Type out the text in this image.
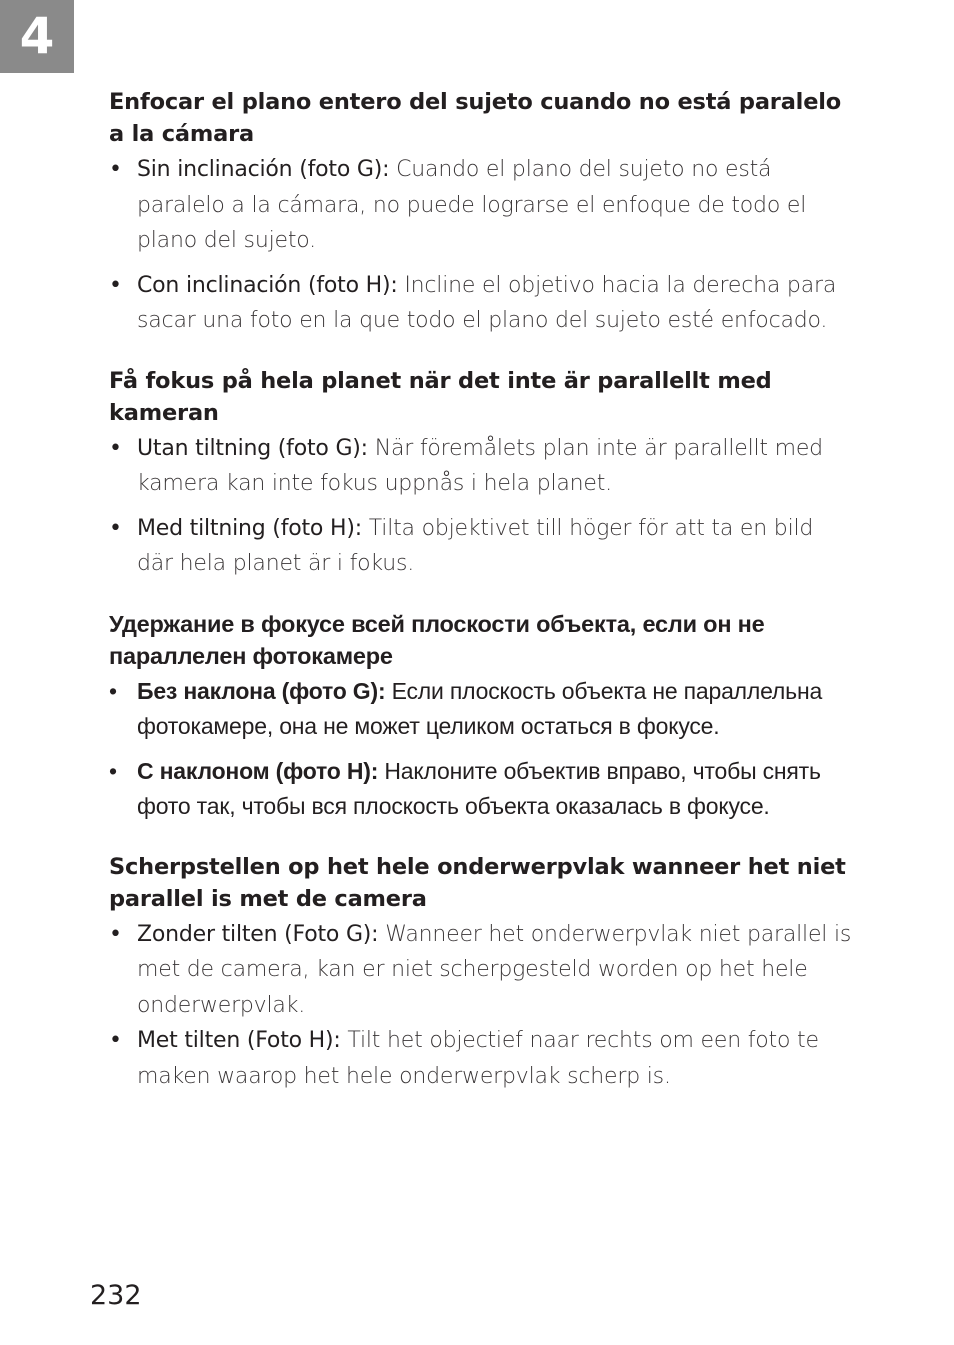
4
Enfocar el plano entero del sujeto cuando no está paralelo a la cámara
• Sin inclinación (foto G): Cuando el plano del sujeto no está paralelo a la cámara, no puede lograrse el enfoque de todo el plano del sujeto.
• Con inclinación (foto H): Incline el objetivo hacia la derecha para sacar una foto en la que todo el plano del sujeto esté enfocado.
Få fokus på hela planet när det inte är parallellt med kameran
• Utan tiltning (foto G): När föremålets plan inte är parallellt med kamera kan inte fokus uppnås i hela planet.
• Med tiltning (foto H): Tilta objektivet till höger för att ta en bild där hela planet är i fokus.
Удержание в фокусе всей плоскости объекта, если он не параллелен фотокамере
• Без наклона (фото G): Если плоскость объекта не параллельна фотокамере, она не может целиком остаться в фокусе.
• С наклоном (фото H): Наклоните объектив вправо, чтобы снять фото так, чтобы вся плоскость объекта оказалась в фокусе.
Scherpstellen op het hele onderwerpvlak wanneer het niet parallel is met de camera
• Zonder tilten (Foto G): Wanneer het onderwerpvlak niet parallel is met de camera, kan er niet scherpgesteld worden op het hele onderwerpvlak.
• Met tilten (Foto H): Tilt het objectief naar rechts om een foto te maken waarop het hele onderwerpvlak scherp is.
232
